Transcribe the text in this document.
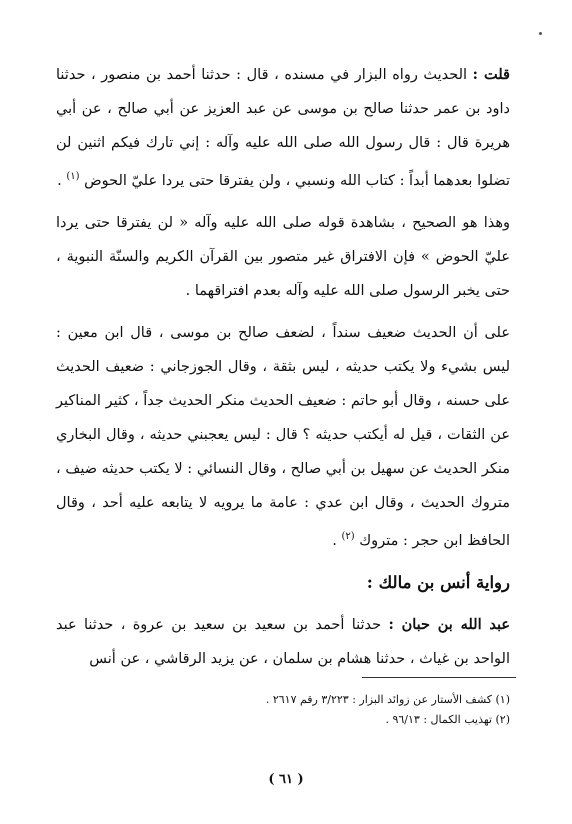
قلت : الحديث رواه البزار في مسنده ، قال : حدثنا أحمد بن منصور ، حدثنا داود بن عمر حدثنا صالح بن موسى عن عبد العزيز عن أبي صالح ، عن أبي هريرة قال : قال رسول الله صلى الله عليه وآله : إني تارك فيكم اثنين لن تضلوا بعدهما أبداً : كتاب الله ونسبي ، ولن يفترقا حتى يردا عليّ الحوض $^{(١)}$ .

وهذا هو الصحيح ، بشاهدة قوله صلى الله عليه وآله « لن يفترقا حتى يردا عليّ الحوض » فإن الافتراق غير متصور بين القرآن الكريم والسنّة النبوية ، حتى يخبر الرسول صلى الله عليه وآله بعدم افتراقهما .

على أن الحديث ضعيف سنداً ، لضعف صالح بن موسى ، قال ابن معين : ليس بشيء ولا يكتب حديثه ، ليس بثقة ، وقال الجوزجاني : ضعيف الحديث على حسنه ، وقال أبو حاتم : ضعيف الحديث منكر الحديث جداً ، كثير المناكير عن الثقات ، قيل له أيكتب حديثه ؟ قال : ليس يعجبني حديثه ، وقال البخاري منكر الحديث عن سهيل بن أبي صالح ، وقال النسائي : لا يكتب حديثه ضيف ، متروك الحديث ، وقال ابن عدي : عامة ما يرويه لا يتابعه عليه أحد ، وقال الحافظ ابن حجر : متروك $^{(٢)}$ .

رواية أنس بن مالك :

عبد الله بن حبان : حدثنا أحمد بن سعيد بن سعيد بن عروة ، حدثنا عبد الواحد بن غياث ، حدثنا هشام بن سلمان ، عن يزيد الرقاشي ، عن أنس

(١) كشف الأستار عن زوائد البزار : ٣/٢٢٣ رقم ٢٦١٧ .
(٢) تهذيب الكمال : ٩٦/١٣ .
( ٦١ )
